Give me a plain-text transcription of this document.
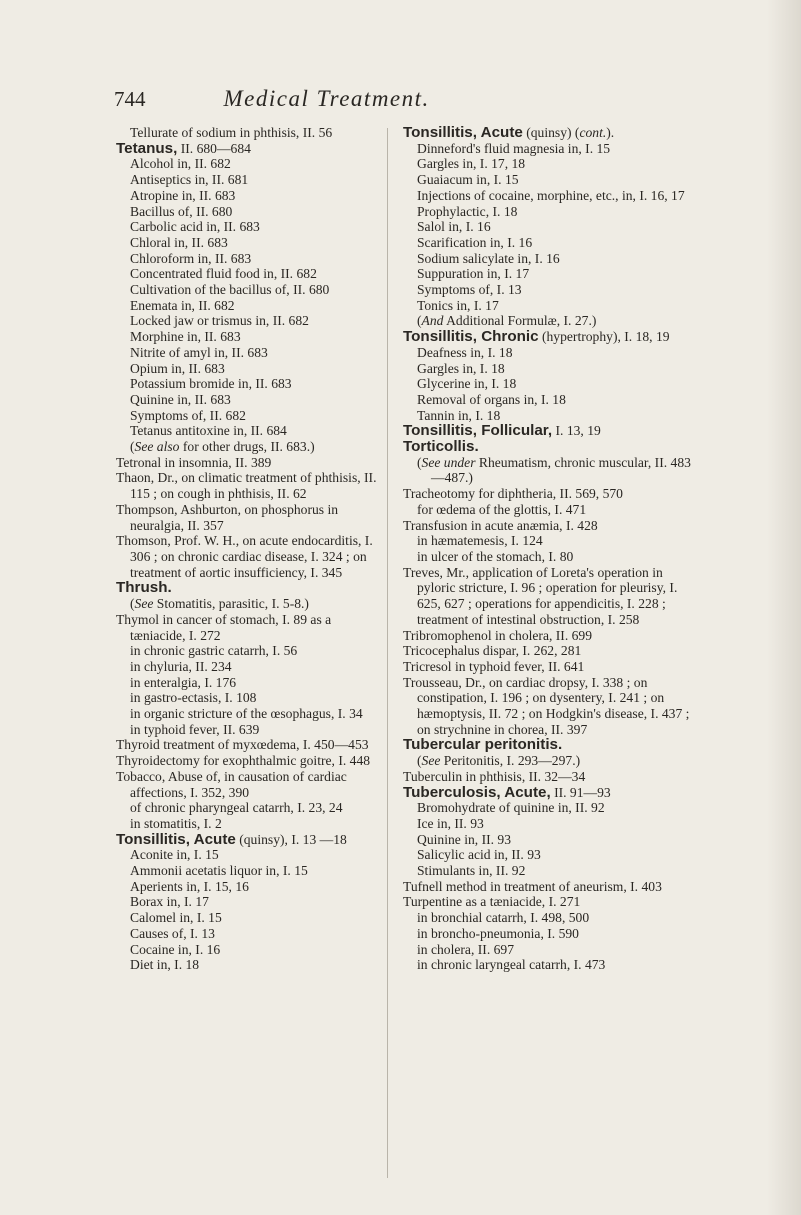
744	Medical Treatment.

Tellurate of sodium in phthisis, II. 56

Tetanus, II. 680—684

Alcohol in, II. 682

Antiseptics in, II. 681

Atropine in, II. 683

Bacillus of, II. 680

Carbolic acid in, II. 683

Chloral in, II. 683

Chloroform in, II. 683

Concentrated fluid food in, II. 682

Cultivation of the bacillus of, II. 680

Enemata in, II. 682

Locked jaw or trismus in, II. 682

Morphine in, II. 683

Nitrite of amyl in, II. 683

Opium in, II. 683

Potassium bromide in, II. 683

Quinine in, II. 683

Symptoms of, II. 682

Tetanus antitoxine in, II. 684

(See also for other drugs, II. 683.)

Tetronal in insomnia, II. 389

Thaon, Dr., on climatic treatment of phthisis, II. 115 ; on cough in phthisis, II. 62

Thompson, Ashburton, on phosphorus in neuralgia, II. 357

Thomson, Prof. W. H., on acute endocarditis, I. 306 ; on chronic cardiac disease, I. 324 ; on treatment of aortic insufficiency, I. 345

Thrush.

(See Stomatitis, parasitic, I. 5-8.)

Thymol in cancer of stomach, I. 89 as a tæniacide, I. 272

in chronic gastric catarrh, I. 56

in chyluria, II. 234

in enteralgia, I. 176

in gastro-ectasis, I. 108

in organic stricture of the œsophagus, I. 34

in typhoid fever, II. 639

Thyroid treatment of myxœdema, I. 450—453

Thyroidectomy for exophthalmic goitre, I. 448

Tobacco, Abuse of, in causation of cardiac affections, I. 352, 390

of chronic pharyngeal catarrh, I. 23, 24

in stomatitis, I. 2

Tonsillitis, Acute (quinsy), I. 13 —18

Aconite in, I. 15

Ammonii acetatis liquor in, I. 15

Aperients in, I. 15, 16

Borax in, I. 17

Calomel in, I. 15

Causes of, I. 13

Cocaine in, I. 16

Diet in, I. 18

Tonsillitis, Acute (quinsy) (cont.).

Dinneford's fluid magnesia in, I. 15

Gargles in, I. 17, 18

Guaiacum in, I. 15

Injections of cocaine, morphine, etc., in, I. 16, 17

Prophylactic, I. 18

Salol in, I. 16

Scarification in, I. 16

Sodium salicylate in, I. 16

Suppuration in, I. 17

Symptoms of, I. 13

Tonics in, I. 17

(And Additional Formulæ, I. 27.)

Tonsillitis, Chronic (hypertrophy), I. 18, 19

Deafness in, I. 18

Gargles in, I. 18

Glycerine in, I. 18

Removal of organs in, I. 18

Tannin in, I. 18

Tonsillitis, Follicular, I. 13, 19

Torticollis.

(See under Rheumatism, chronic muscular, II. 483—487.)

Tracheotomy for diphtheria, II. 569, 570

for œdema of the glottis, I. 471

Transfusion in acute anæmia, I. 428

in hæmatemesis, I. 124

in ulcer of the stomach, I. 80

Treves, Mr., application of Loreta's operation in pyloric stricture, I. 96 ; operation for pleurisy, I. 625, 627 ; operations for appendicitis, I. 228 ; treatment of intestinal obstruction, I. 258

Tribromophenol in cholera, II. 699

Tricocephalus dispar, I. 262, 281

Tricresol in typhoid fever, II. 641

Trousseau, Dr., on cardiac dropsy, I. 338 ; on constipation, I. 196 ; on dysentery, I. 241 ; on hæmoptysis, II. 72 ; on Hodgkin's disease, I. 437 ; on strychnine in chorea, II. 397

Tubercular peritonitis.

(See Peritonitis, I. 293—297.)

Tuberculin in phthisis, II. 32—34

Tuberculosis, Acute, II. 91—93

Bromohydrate of quinine in, II. 92

Ice in, II. 93

Quinine in, II. 93

Salicylic acid in, II. 93

Stimulants in, II. 92

Tufnell method in treatment of aneurism, I. 403

Turpentine as a tæniacide, I. 271

in bronchial catarrh, I. 498, 500

in broncho-pneumonia, I. 590

in cholera, II. 697

in chronic laryngeal catarrh, I. 473
